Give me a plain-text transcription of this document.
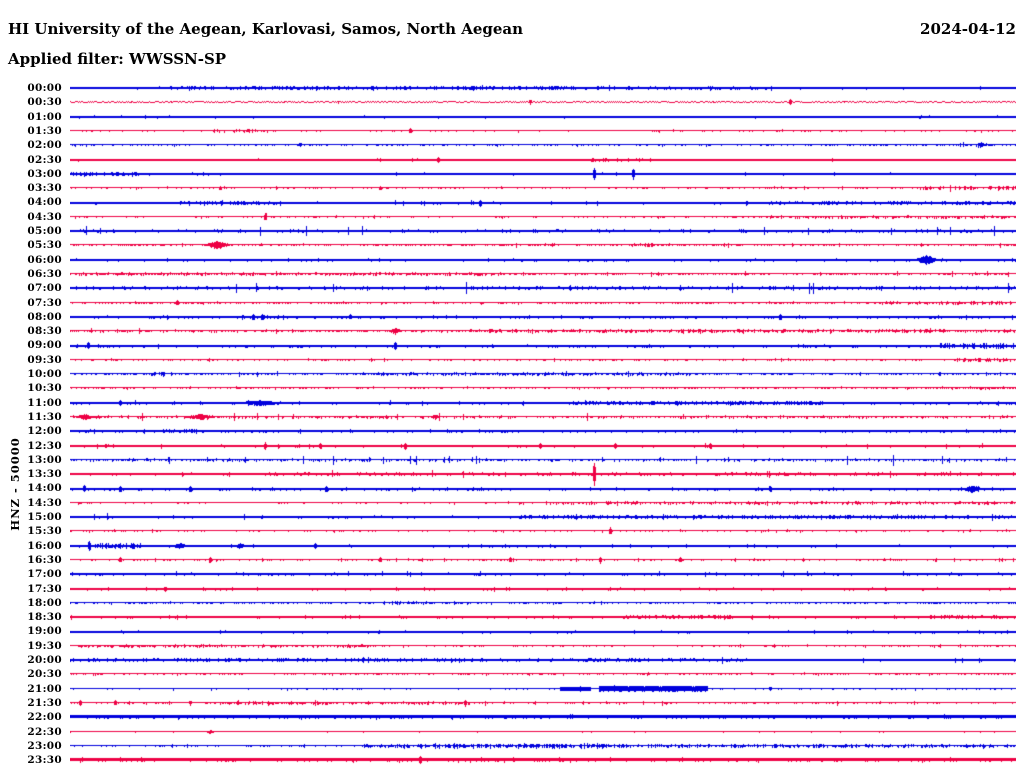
HI University of the Aegean, Karlovasi, Samos, North Aegean	2024-04-12
Applied filter: WWSSN-SP
HNZ - 50000
00:00
00:30
01:00
01:30
02:00
02:30
03:00
03:30
04:00
04:30
05:00
05:30
06:00
06:30
07:00
07:30
08:00
08:30
09:00
09:30
10:00
10:30
11:00
11:30
12:00
12:30
13:00
13:30
14:00
14:30
15:00
15:30
16:00
16:30
17:00
17:30
18:00
18:30
19:00
19:30
20:00
20:30
21:00
21:30
22:00
22:30
23:00
23:30
